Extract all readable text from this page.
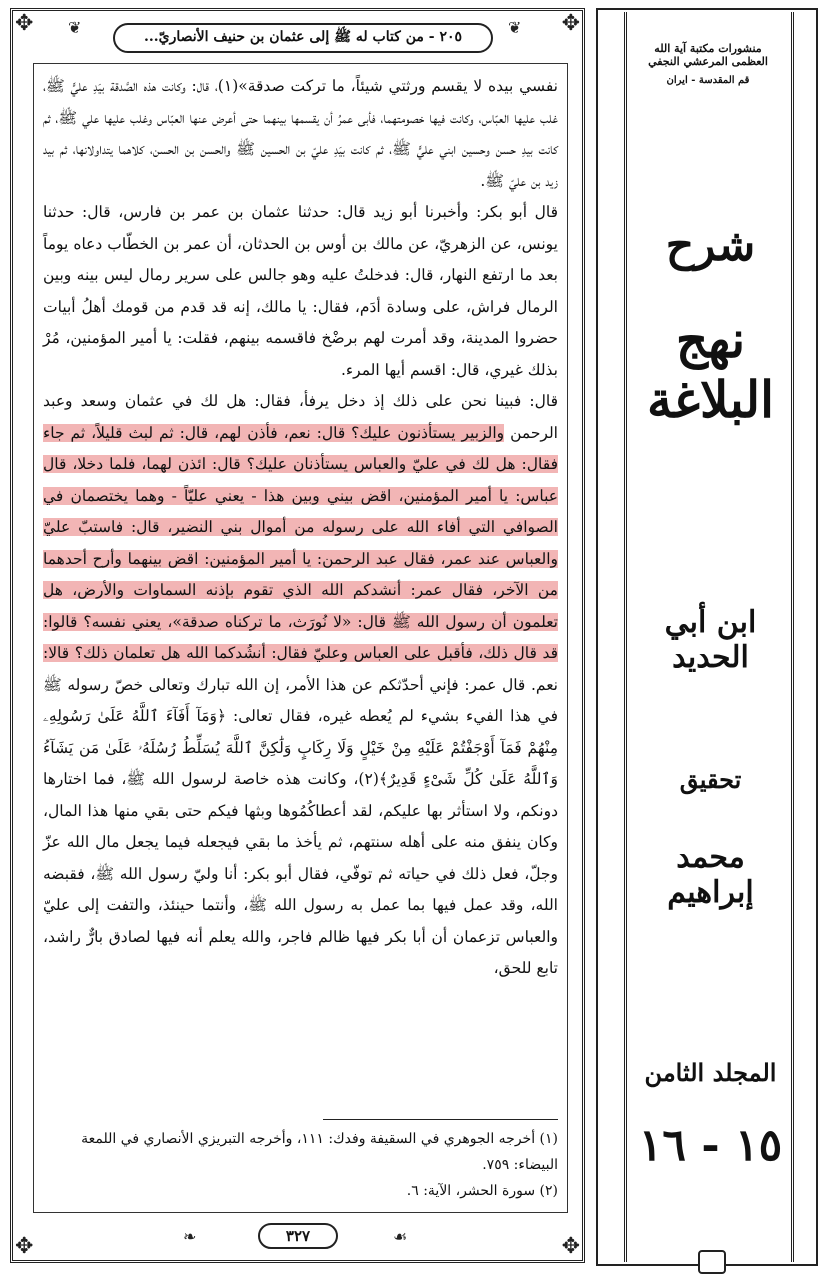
✥	✥
✥	✥
❦	❦
٢٠٥ - من كتاب له ﷺ إلى عثمان بن حنيف الأنصاريّ...

نفسي بيده لا يقسم ورثتي شيئاً، ما تركت صدقة»(١)، قال: وكانت هذه الصَّدقة بيَدِ عليٍّ ﷺ، غلب عليها العبّاس، وكانت فيها خصومتهما، فأبى عمرُ أن يقسمها بينهما حتى أعرض عنها العبّاس وغلب عليها علي ﷺ، ثم كانت بيدِ حسن وحسين ابني عليٍّ ﷺ، ثم كانت بيَدِ عليّ بن الحسين ﷺ والحسن بن الحسن، كلاهما يتداولانها، ثم بيد زيد بن عليّ ﷺ.

قال أبو بكر: وأخبرنا أبو زيد قال: حدثنا عثمان بن عمر بن فارس، قال: حدثنا يونس، عن الزهريّ، عن مالك بن أوس بن الحدثان، أن عمر بن الخطّاب دعاه يوماً بعد ما ارتفع النهار، قال: فدخلتُ عليه وهو جالس على سرير رمال ليس بينه وبين الرمال فراش، على وسادة أدَم، فقال: يا مالك، إنه قد قدم من قومك أهلُ أبيات حضروا المدينة، وقد أمرت لهم برضْخ فاقسمه بينهم، فقلت: يا أمير المؤمنين، مُرْ بذلك غيري، قال: اقسم أيها المرء.

قال: فبينا نحن على ذلك إذ دخل يرفأ، فقال: هل لك في عثمان وسعد وعبد الرحمن والزبير يستأذنون عليك؟ قال: نعم، فأذن لهم، قال: ثم لبث قليلاً، ثم جاء فقال: هل لك في عليّ والعباس يستأذنان عليك؟ قال: ائذن لهما، فلما دخلا، قال عباس: يا أمير المؤمنين، اقض بيني وبين هذا - يعني عليّاً - وهما يختصمان في الصوافي التي أفاء الله على رسوله من أموال بني النضير، قال: فاستبّ عليّ والعباس عند عمر، فقال عبد الرحمن: يا أمير المؤمنين: اقض بينهما وأرح أحدهما من الآخر، فقال عمر: أنشدكم الله الذي تقوم بإذنه السماوات والأرض، هل تعلمون أن رسول الله ﷺ قال: «لا نُورَث، ما تركناه صدقة»، يعني نفسه؟ قالوا: قد قال ذلك، فأقبل على العباس وعليّ فقال: أنشُدكما الله هل تعلمان ذلك؟ قالا: نعم. قال عمر: فإني أحدّثكم عن هذا الأمر، إن الله تبارك وتعالى خصّ رسوله ﷺ في هذا الفيء بشيء لم يُعطه غيره، فقال تعالى: ﴿وَمَآ أَفَآءَ ٱللَّهُ عَلَىٰ رَسُولِهِۦ مِنْهُمْ فَمَآ أَوْجَفْتُمْ عَلَيْهِ مِنْ خَيْلٍ وَلَا رِكَابٍ وَلَٰكِنَّ ٱللَّهَ يُسَلِّطُ رُسُلَهُۥ عَلَىٰ مَن يَشَآءُ وَٱللَّهُ عَلَىٰ كُلِّ شَىْءٍ قَدِيرٌ﴾(٢)، وكانت هذه خاصة لرسول الله ﷺ، فما اختارها دونكم، ولا استأثر بها عليكم، لقد أعطاكُمُوها وبثها فيكم حتى بقي منها هذا المال، وكان ينفق منه على أهله سنتهم، ثم يأخذ ما بقي فيجعله فيما يجعل مال الله عزّ وجلّ، فعل ذلك في حياته ثم توفّي، فقال أبو بكر: أنا وليّ رسول الله ﷺ، فقبضه الله، وقد عمل فيها بما عمل به رسول الله ﷺ، وأنتما حينئذ، والتفت إلى عليّ والعباس تزعمان أن أبا بكر فيها ظالم فاجر، والله يعلم أنه فيها لصادق بارٌّ راشد، تابع للحق،

(١) أخرجه الجوهري في السقيفة وفدك: ١١١، وأخرجه التبريزي الأنصاري في اللمعة البيضاء: ٧٥٩.
(٢) سورة الحشر، الآية: ٦.
❧	٣٢٧	☙
منشورات مكتبة آية الله العظمى المرعشي النجفي
قم المقدسة - ايران
شرح
نهج البلاغة
ابن أبي الحديد
تحقيق
محمد إبراهيم
المجلد الثامن
١٥ - ١٦
